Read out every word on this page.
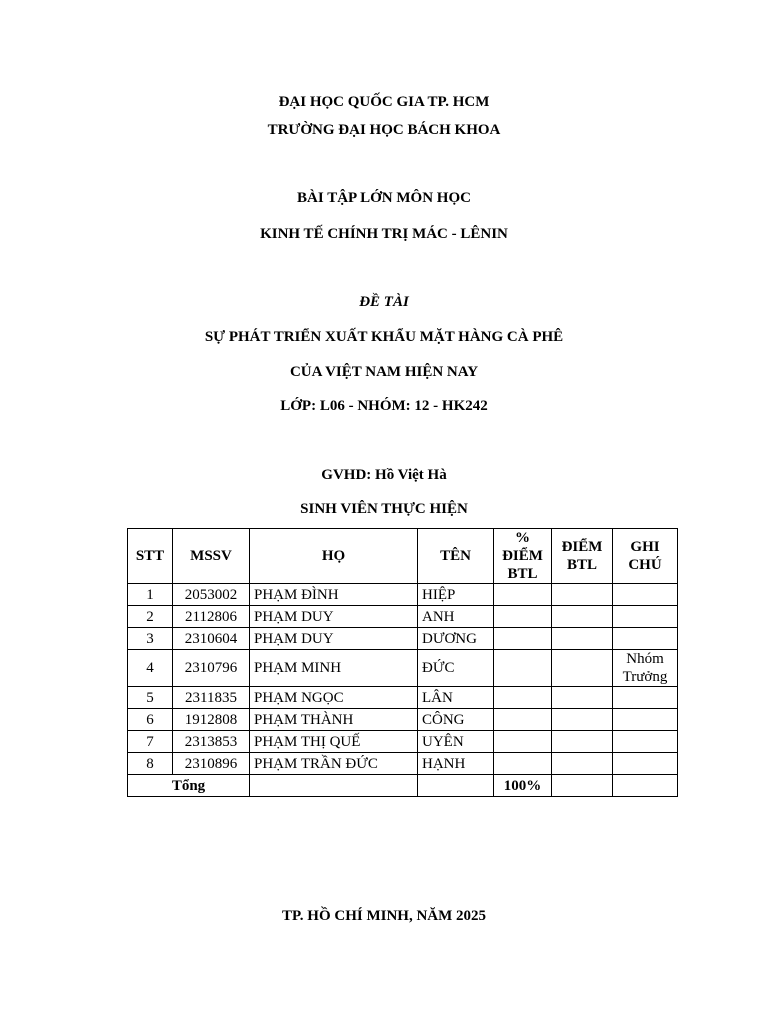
ĐẠI HỌC QUỐC GIA TP. HCM
TRƯỜNG ĐẠI HỌC BÁCH KHOA
BÀI TẬP LỚN MÔN HỌC
KINH TẾ CHÍNH TRỊ MÁC - LÊNIN
ĐỀ TÀI
SỰ PHÁT TRIỂN XUẤT KHẨU MẶT HÀNG CÀ PHÊ
CỦA VIỆT NAM HIỆN NAY
LỚP: L06 - NHÓM: 12 - HK242
GVHD: Hồ Việt Hà
SINH VIÊN THỰC HIỆN
STT	MSSV	HỌ	TÊN	% ĐIỂM BTL	ĐIỂM BTL	GHI CHÚ
1	2053002	PHẠM ĐÌNH	HIỆP			
2	2112806	PHẠM DUY	ANH			
3	2310604	PHẠM DUY	DƯƠNG			
4	2310796	PHẠM MINH	ĐỨC			Nhóm Trưởng
5	2311835	PHẠM NGỌC	LÂN			
6	1912808	PHẠM THÀNH	CÔNG			
7	2313853	PHẠM THỊ QUẾ	UYÊN			
8	2310896	PHẠM TRẦN ĐỨC	HẠNH			
Tổng				100%		
TP. HỒ CHÍ MINH, NĂM 2025
